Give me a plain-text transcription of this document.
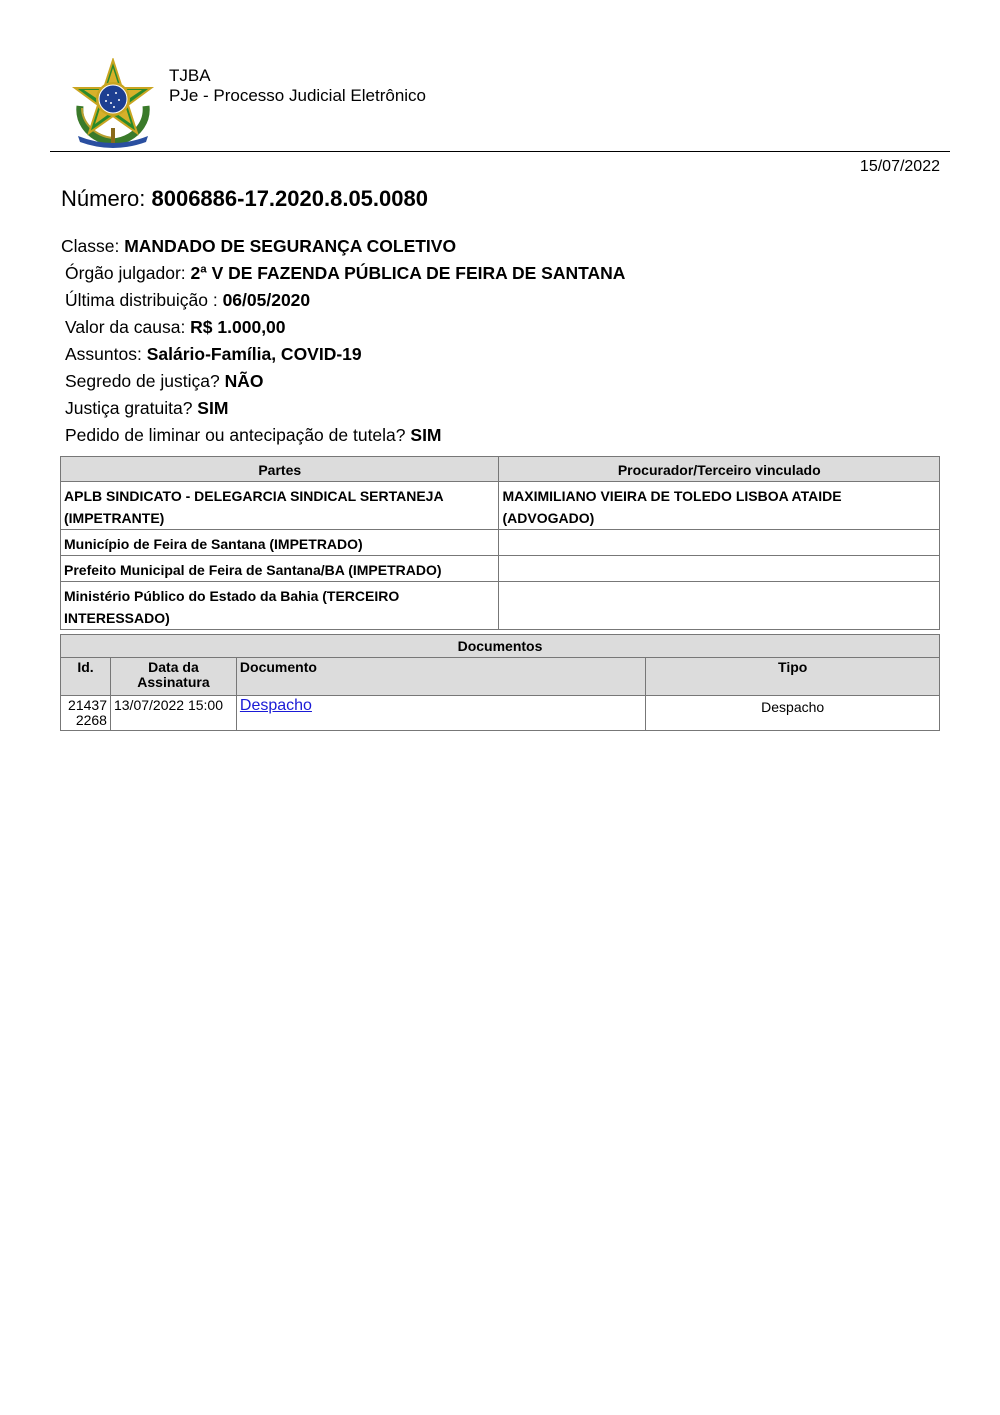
TJBA
PJe - Processo Judicial Eletrônico
15/07/2022
Número: 8006886-17.2020.8.05.0080
Classe: MANDADO DE SEGURANÇA COLETIVO
Órgão julgador: 2ª V DE FAZENDA PÚBLICA DE FEIRA DE SANTANA
Última distribuição : 06/05/2020
Valor da causa: R$ 1.000,00
Assuntos: Salário-Família, COVID-19
Segredo de justiça? NÃO
Justiça gratuita? SIM
Pedido de liminar ou antecipação de tutela? SIM
Partes	Procurador/Terceiro vinculado
APLB SINDICATO - DELEGARCIA SINDICAL SERTANEJA (IMPETRANTE)	MAXIMILIANO VIEIRA DE TOLEDO LISBOA ATAIDE (ADVOGADO)
Município de Feira de Santana (IMPETRADO)	
Prefeito Municipal de Feira de Santana/BA (IMPETRADO)	
Ministério Público do Estado da Bahia (TERCEIRO INTERESSADO)	
Documentos			
Id.	Data da Assinatura	Documento	Tipo
21437 2268	13/07/2022 15:00	Despacho	Despacho
